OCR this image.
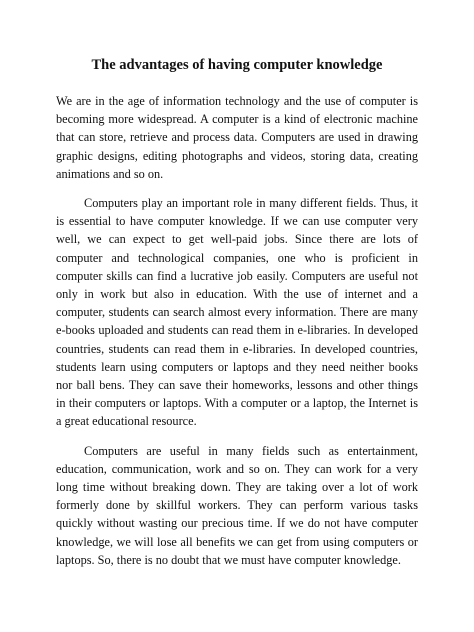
The advantages of having computer knowledge

We are in the age of information technology and the use of computer is becoming more widespread. A computer is a kind of electronic machine that can store, retrieve and process data. Computers are used in drawing graphic designs, editing photographs and videos, storing data, creating animations and so on.

Computers play an important role in many different fields. Thus, it is essential to have computer knowledge. If we can use computer very well, we can expect to get well-paid jobs. Since there are lots of computer and technological companies, one who is proficient in computer skills can find a lucrative job easily. Computers are useful not only in work but also in education. With the use of internet and a computer, students can search almost every information. There are many e-books uploaded and students can read them in e-libraries. In developed countries, students can read them in e-libraries. In developed countries, students learn using computers or laptops and they need neither books nor ball bens. They can save their homeworks, lessons and other things in their computers or laptops. With a computer or a laptop, the Internet is a great educational resource.

Computers are useful in many fields such as entertainment, education, communication, work and so on. They can work for a very long time without breaking down. They are taking over a lot of work formerly done by skillful workers. They can perform various tasks quickly without wasting our precious time. If we do not have computer knowledge, we will lose all benefits we can get from using computers or laptops. So, there is no doubt that we must have computer knowledge.
